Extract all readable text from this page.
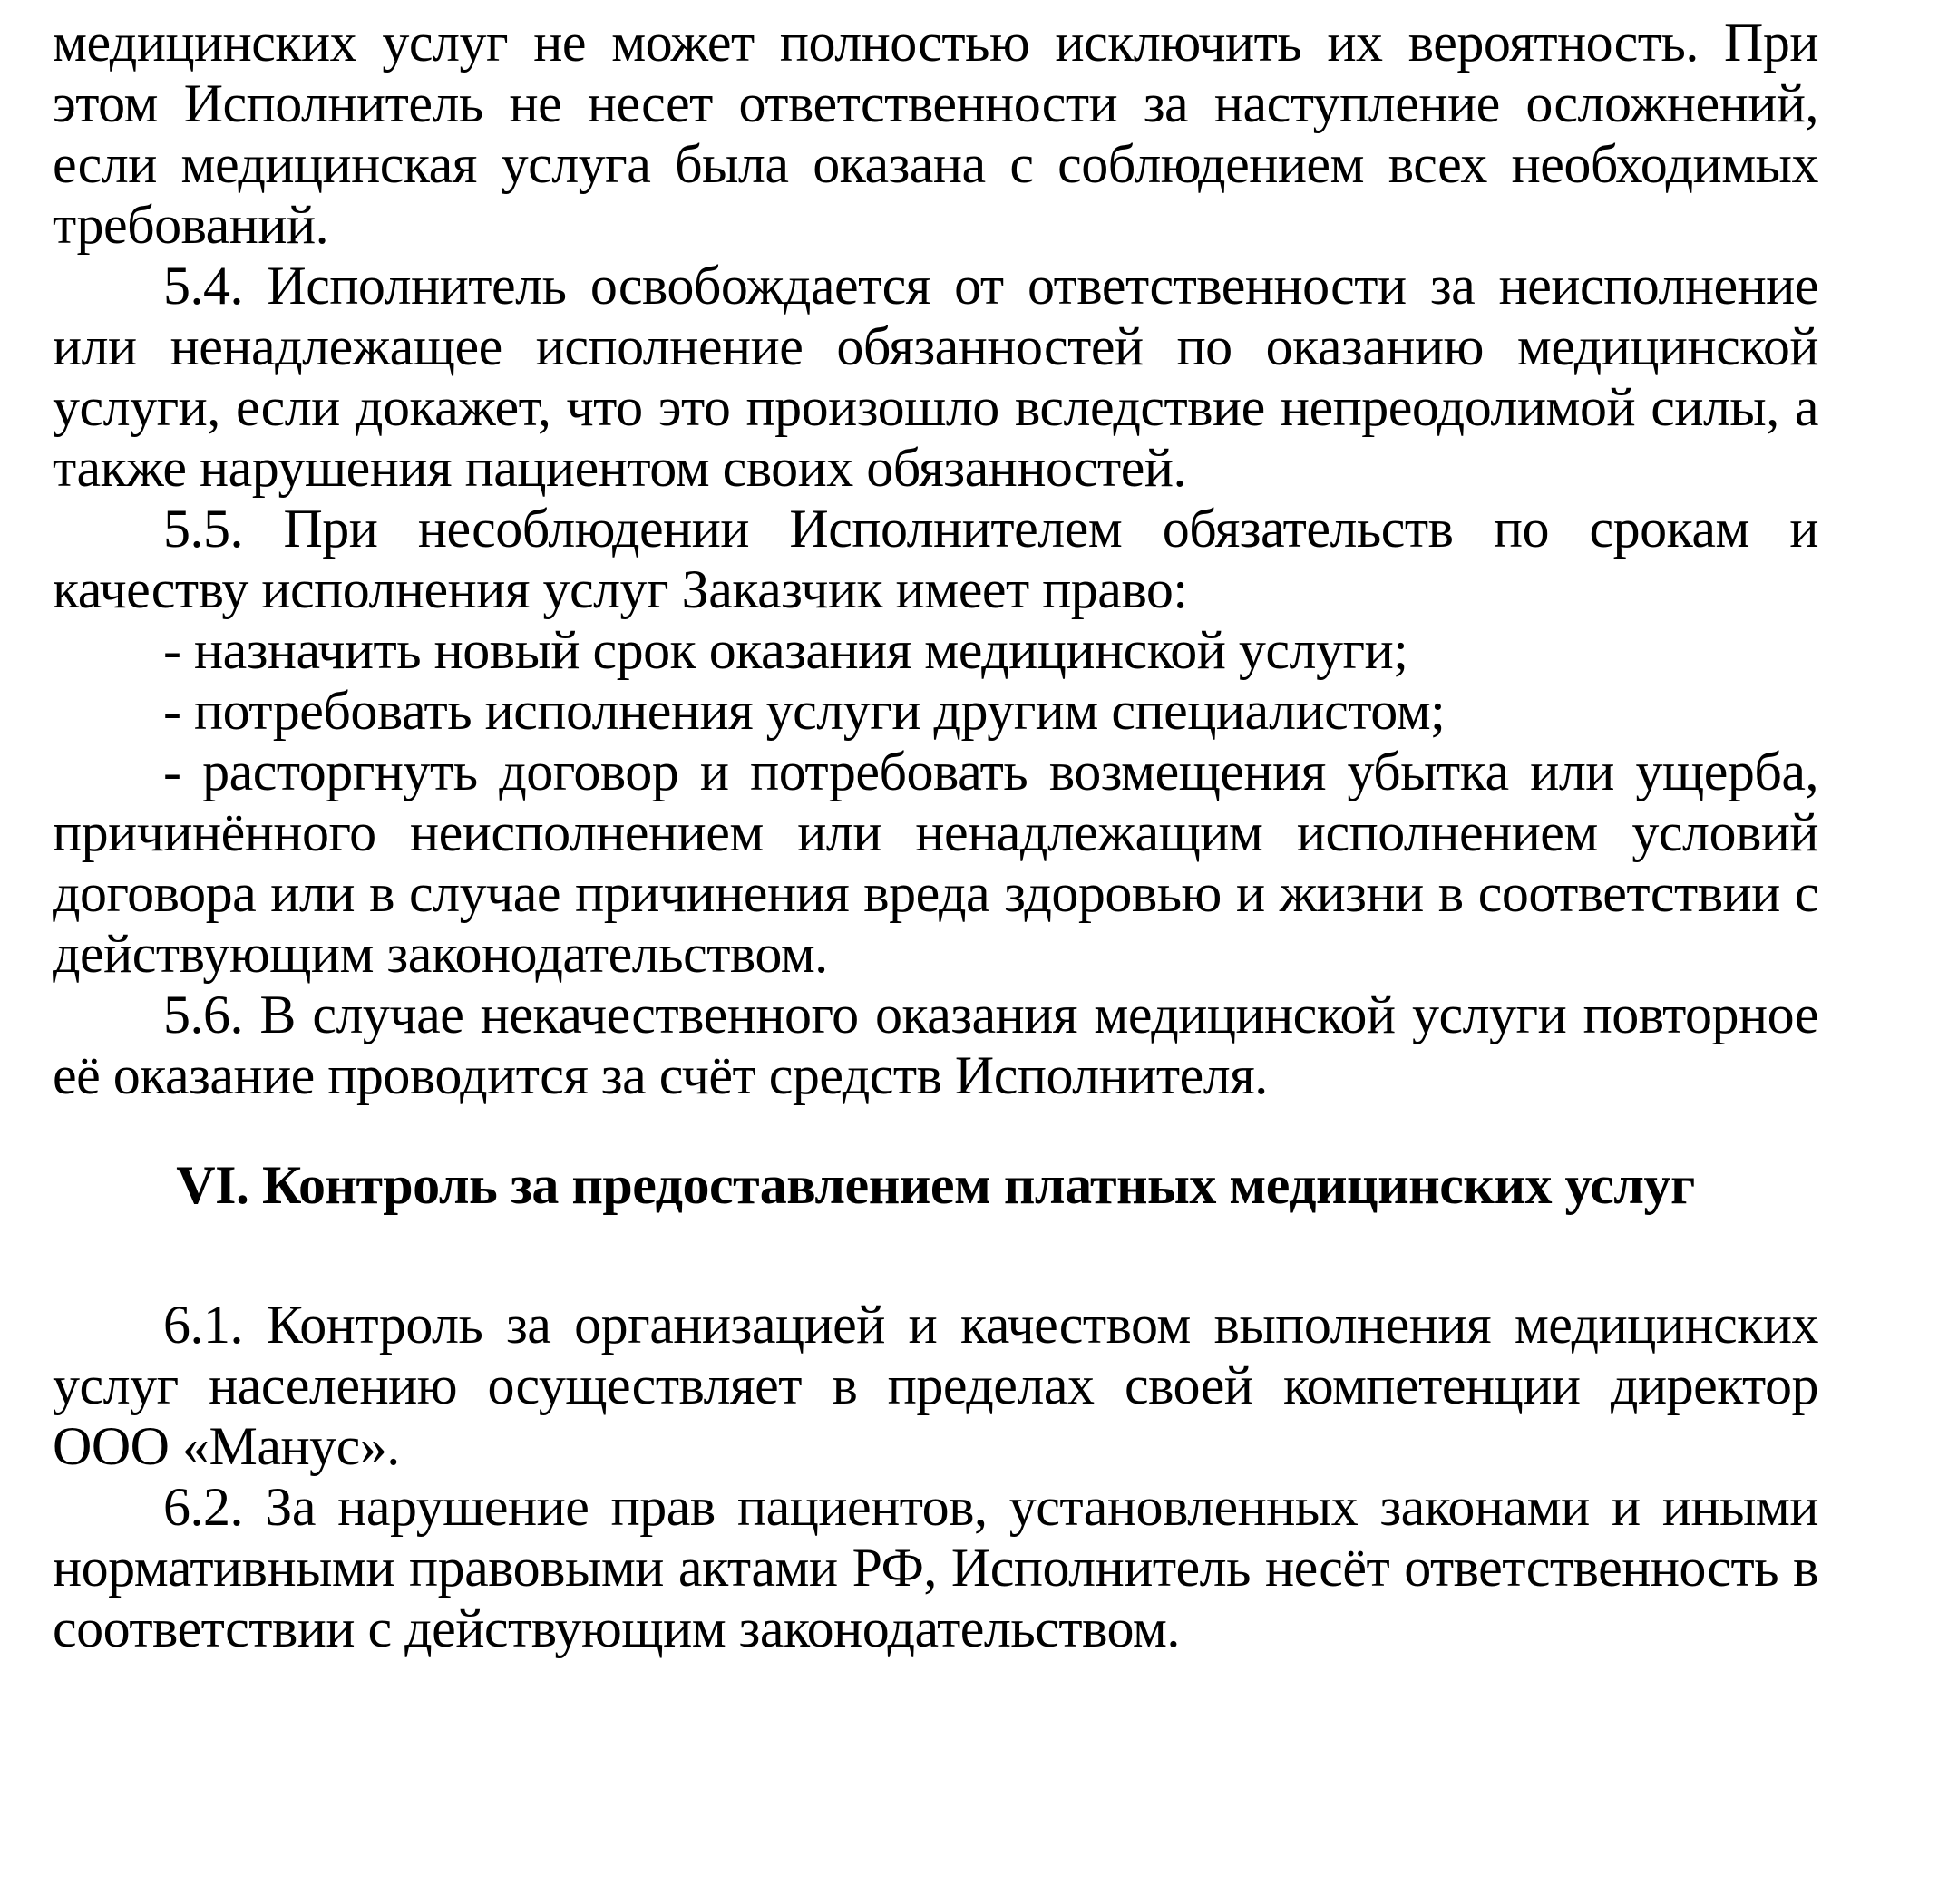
медицинских услуг не может полностью исключить их вероятность. При этом Исполнитель не несет ответственности за наступление осложнений, если медицинская услуга была оказана с соблюдением всех необходимых требований.

5.4. Исполнитель освобождается от ответственности за неисполнение или ненадлежащее исполнение обязанностей по оказанию медицинской услуги, если докажет, что это произошло вследствие непреодолимой силы, а также нарушения пациентом своих обязанностей.

5.5. При несоблюдении Исполнителем обязательств по срокам и качеству исполнения услуг Заказчик имеет право:

- назначить новый срок оказания медицинской услуги;

- потребовать исполнения услуги другим специалистом;

- расторгнуть договор и потребовать возмещения убытка или ущерба, причинённого неисполнением или ненадлежащим исполнением условий договора или в случае причинения вреда здоровью и жизни в соответствии с действующим законодательством.

5.6. В случае некачественного оказания медицинской услуги повторное её оказание проводится за счёт средств Исполнителя.

VI. Контроль за предоставлением платных медицинских услуг

6.1. Контроль за организацией и качеством выполнения медицинских услуг населению осуществляет в пределах своей компетенции директор ООО «Манус».

6.2. За нарушение прав пациентов, установленных законами и иными нормативными правовыми актами РФ, Исполнитель несёт ответственность в соответствии с действующим законодательством.
